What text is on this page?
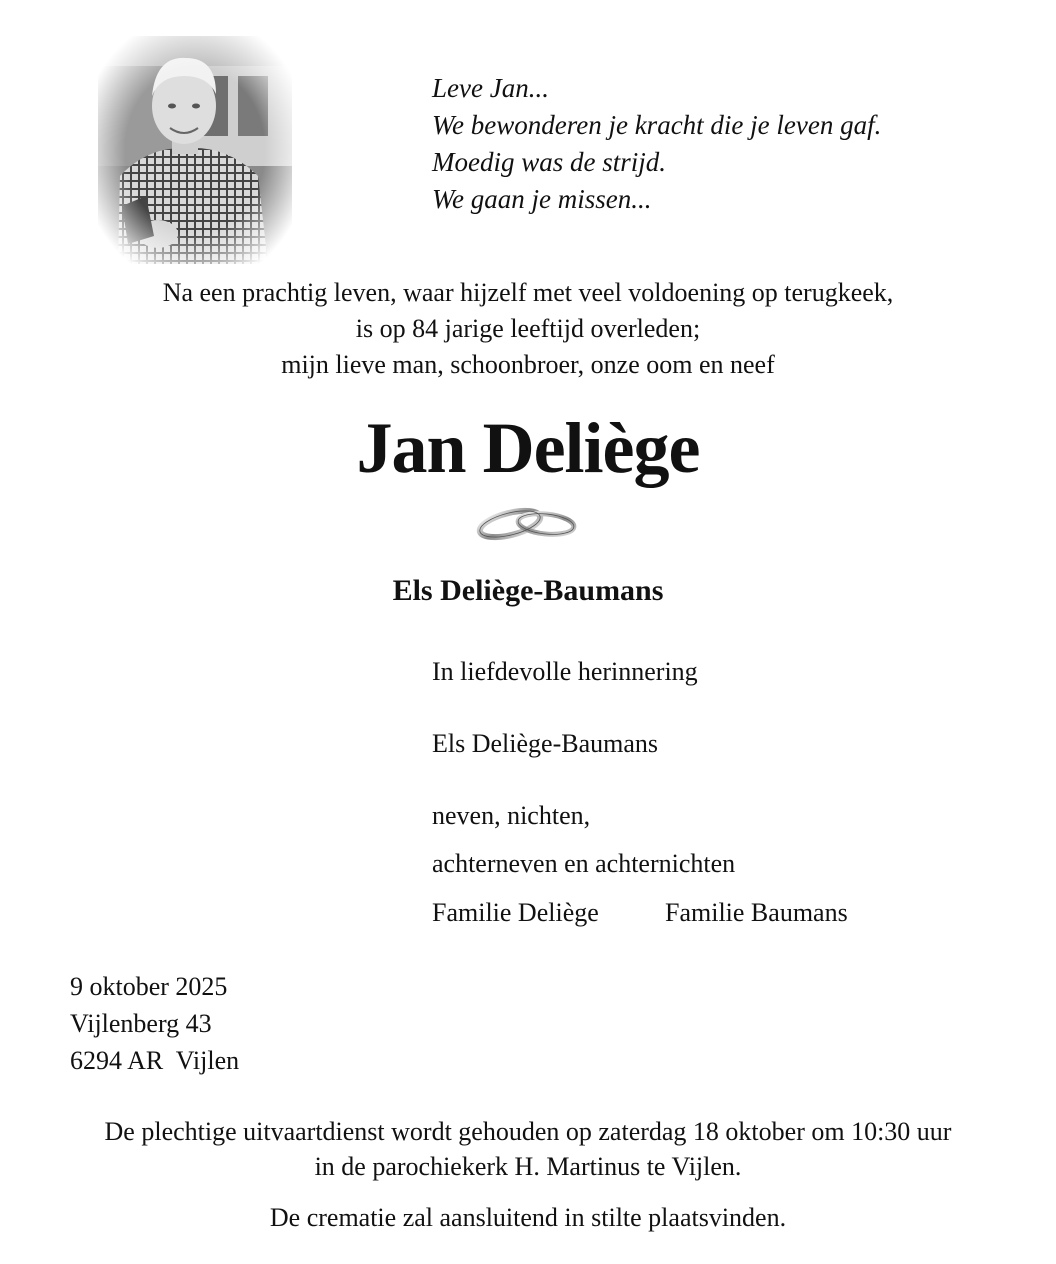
Leve Jan...
We bewonderen je kracht die je leven gaf.
Moedig was de strijd.
We gaan je missen...
Na een prachtig leven, waar hijzelf met veel voldoening op terugkeek,
is op 84 jarige leeftijd overleden;
mijn lieve man, schoonbroer, onze oom en neef
Jan Deliège
Els Deliège-Baumans
In liefdevolle herinnering
Els Deliège-Baumans
neven, nichten,
achterneven en achternichten
Familie Deliège	Familie Baumans
9 oktober 2025
Vijlenberg 43
6294 AR  Vijlen
De plechtige uitvaartdienst wordt gehouden op zaterdag 18 oktober om 10:30 uur
in de parochiekerk H. Martinus te Vijlen.
De crematie zal aansluitend in stilte plaatsvinden.
